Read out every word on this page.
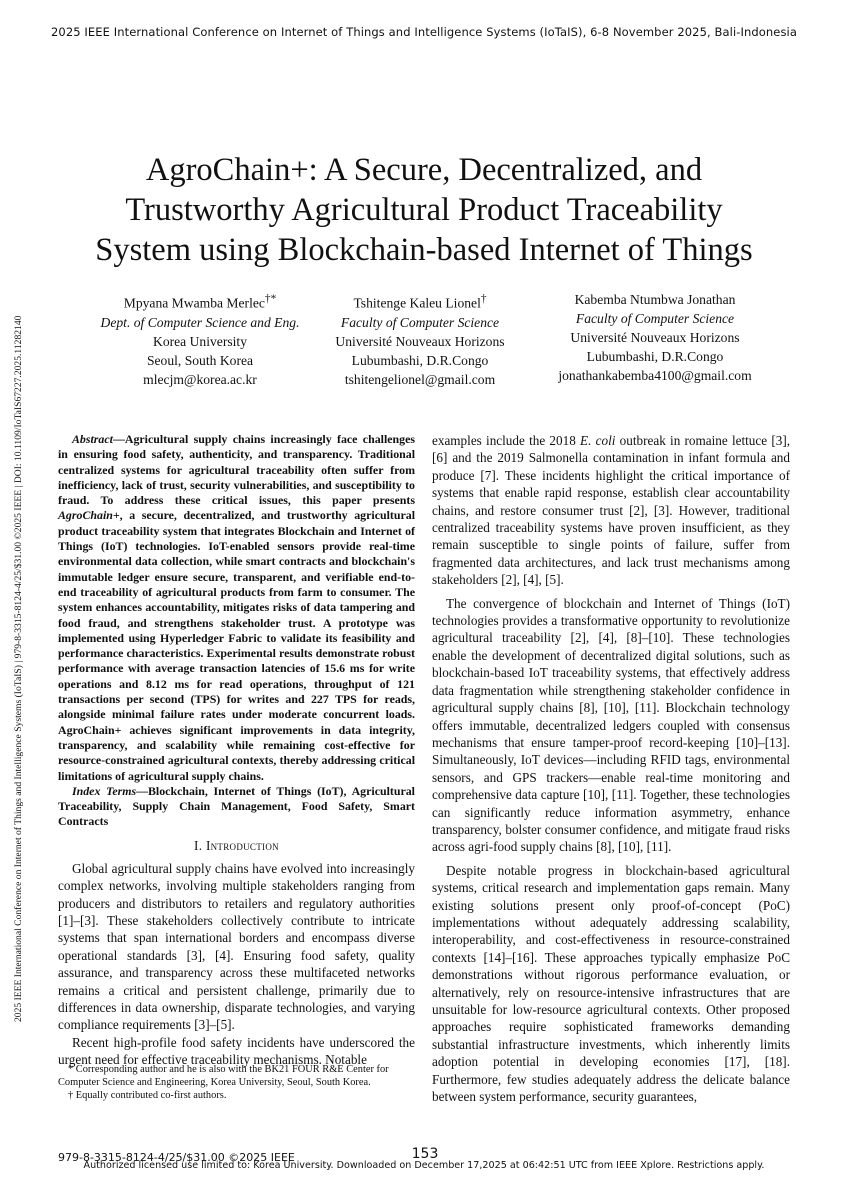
2025 IEEE International Conference on Internet of Things and Intelligence Systems (IoTaIS), 6-8 November 2025, Bali-Indonesia
2025 IEEE International Conference on Internet of Things and Intelligence Systems (IoTaIS) | 979-8-3315-8124-4/25/$31.00 ©2025 IEEE | DOI: 10.1109/IoTaIS67227.2025.11282140
AgroChain+: A Secure, Decentralized, and
Trustworthy Agricultural Product Traceability
System using Blockchain-based Internet of Things
Mpyana Mwamba Merlec†*
Dept. of Computer Science and Eng.
Korea University
Seoul, South Korea
mlecjm@korea.ac.kr
Tshitenge Kaleu Lionel†
Faculty of Computer Science
Université Nouveaux Horizons
Lubumbashi, D.R.Congo
tshitengelionel@gmail.com
Kabemba Ntumbwa Jonathan
Faculty of Computer Science
Université Nouveaux Horizons
Lubumbashi, D.R.Congo
jonathankabemba4100@gmail.com

Abstract—Agricultural supply chains increasingly face challenges in ensuring food safety, authenticity, and transparency. Traditional centralized systems for agricultural traceability often suffer from inefficiency, lack of trust, security vulnerabilities, and susceptibility to fraud. To address these critical issues, this paper presents AgroChain+, a secure, decentralized, and trustworthy agricultural product traceability system that integrates Blockchain and Internet of Things (IoT) technologies. IoT-enabled sensors provide real-time environmental data collection, while smart contracts and blockchain's immutable ledger ensure secure, transparent, and verifiable end-to-end traceability of agricultural products from farm to consumer. The system enhances accountability, mitigates risks of data tampering and food fraud, and strengthens stakeholder trust. A prototype was implemented using Hyperledger Fabric to validate its feasibility and performance characteristics. Experimental results demonstrate robust performance with average transaction latencies of 15.6 ms for write operations and 8.12 ms for read operations, throughput of 121 transactions per second (TPS) for writes and 227 TPS for reads, alongside minimal failure rates under moderate concurrent loads. AgroChain+ achieves significant improvements in data integrity, transparency, and scalability while remaining cost-effective for resource-constrained agricultural contexts, thereby addressing critical limitations of agricultural supply chains.

Index Terms—Blockchain, Internet of Things (IoT), Agricultural Traceability, Supply Chain Management, Food Safety, Smart Contracts

I. Introduction

Global agricultural supply chains have evolved into increasingly complex networks, involving multiple stakeholders ranging from producers and distributors to retailers and regulatory authorities [1]–[3]. These stakeholders collectively contribute to intricate systems that span international borders and encompass diverse operational standards [3], [4]. Ensuring food safety, quality assurance, and transparency across these multifaceted networks remains a critical and persistent challenge, primarily due to differences in data ownership, disparate technologies, and varying compliance requirements [3]–[5].

Recent high-profile food safety incidents have underscored the urgent need for effective traceability mechanisms. Notable

examples include the 2018 E. coli outbreak in romaine lettuce [3], [6] and the 2019 Salmonella contamination in infant formula and produce [7]. These incidents highlight the critical importance of systems that enable rapid response, establish clear accountability chains, and restore consumer trust [2], [3]. However, traditional centralized traceability systems have proven insufficient, as they remain susceptible to single points of failure, suffer from fragmented data architectures, and lack trust mechanisms among stakeholders [2], [4], [5].

The convergence of blockchain and Internet of Things (IoT) technologies provides a transformative opportunity to revolutionize agricultural traceability [2], [4], [8]–[10]. These technologies enable the development of decentralized digital solutions, such as blockchain-based IoT traceability systems, that effectively address data fragmentation while strengthening stakeholder confidence in agricultural supply chains [8], [10], [11]. Blockchain technology offers immutable, decentralized ledgers coupled with consensus mechanisms that ensure tamper-proof record-keeping [10]–[13]. Simultaneously, IoT devices—including RFID tags, environmental sensors, and GPS trackers—enable real-time monitoring and comprehensive data capture [10], [11]. Together, these technologies can significantly reduce information asymmetry, enhance transparency, bolster consumer confidence, and mitigate fraud risks across agri-food supply chains [8], [10], [11].

Despite notable progress in blockchain-based agricultural systems, critical research and implementation gaps remain. Many existing solutions present only proof-of-concept (PoC) implementations without adequately addressing scalability, interoperability, and cost-effectiveness in resource-constrained contexts [14]–[16]. These approaches typically emphasize PoC demonstrations without rigorous performance evaluation, or alternatively, rely on resource-intensive infrastructures that are unsuitable for low-resource agricultural contexts. Other proposed approaches require sophisticated frameworks demanding substantial infrastructure investments, which inherently limits adoption potential in developing economies [17], [18]. Furthermore, few studies adequately address the delicate balance between system performance, security guarantees,

* Corresponding author and he is also with the BK21 FOUR R&E Center for Computer Science and Engineering, Korea University, Seoul, South Korea.

† Equally contributed co-first authors.

979-8-3315-8124-4/25/$31.00 ©2025 IEEE	153
Authorized licensed use limited to: Korea University. Downloaded on December 17,2025 at 06:42:51 UTC from IEEE Xplore. Restrictions apply.
